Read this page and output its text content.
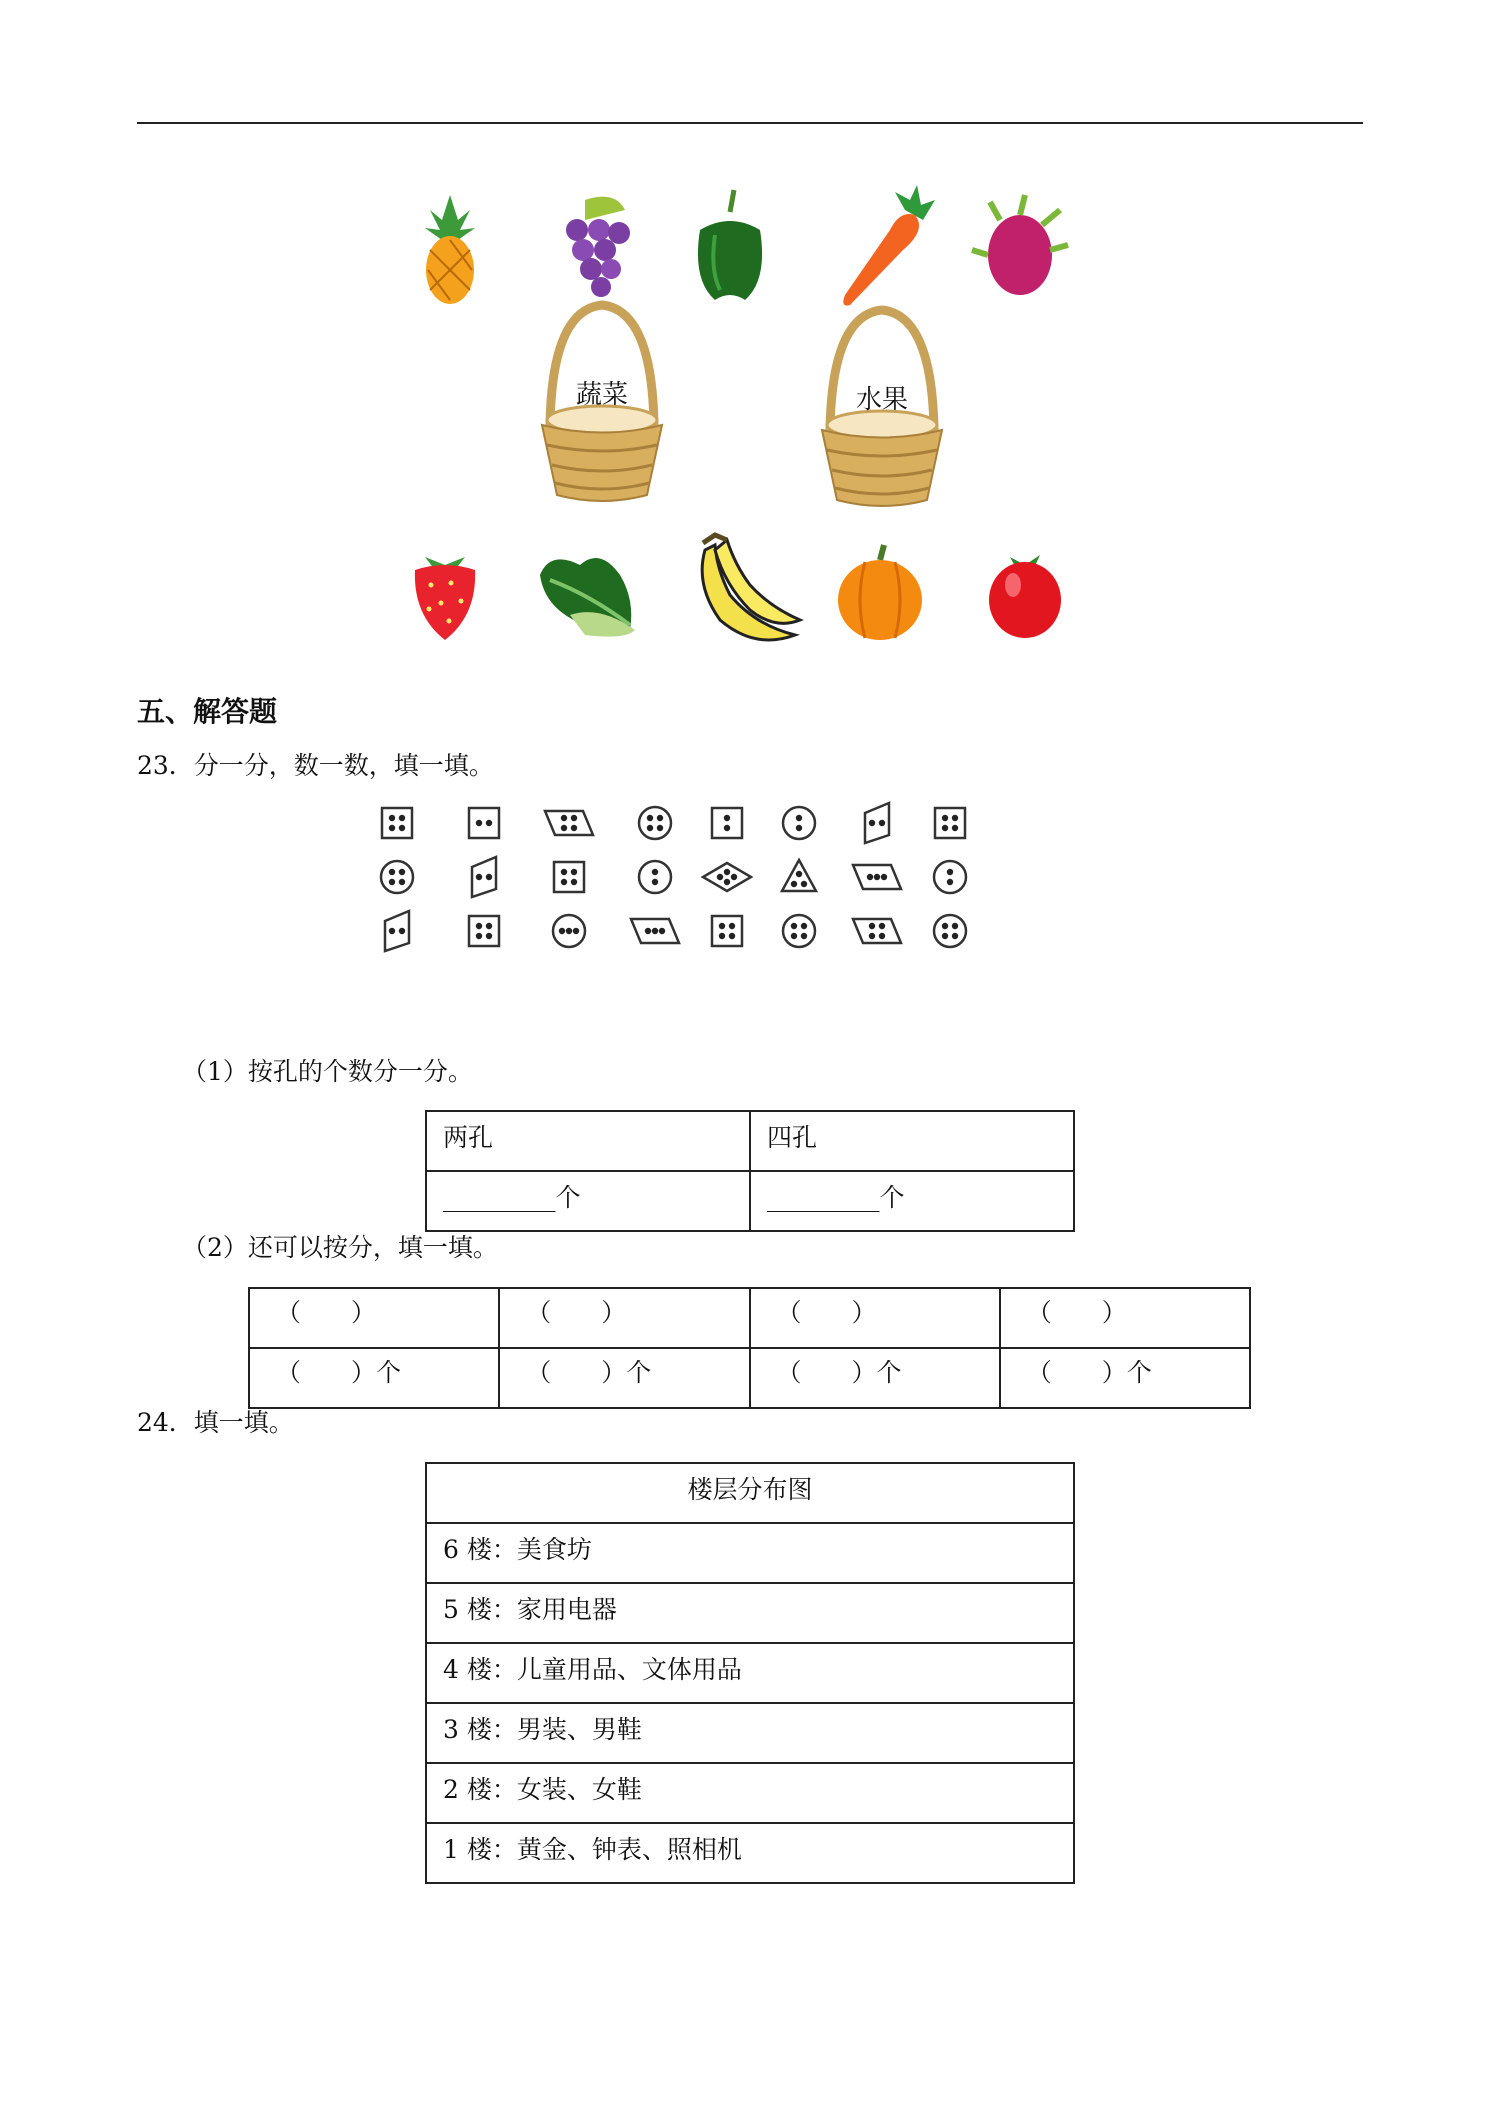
蔬菜	水果
五、解答题
23．分一分，数一数，填一填。
（1）按孔的个数分一分。
两孔	四孔
_________个	_________个
（2）还可以按分，填一填。
（　　）	（　　）	（　　）	（　　）
（　　）个	（　　）个	（　　）个	（　　）个
24．填一填。
楼层分布图
6 楼：美食坊
5 楼：家用电器
4 楼：儿童用品、文体用品
3 楼：男装、男鞋
2 楼：女装、女鞋
1 楼：黄金、钟表、照相机
